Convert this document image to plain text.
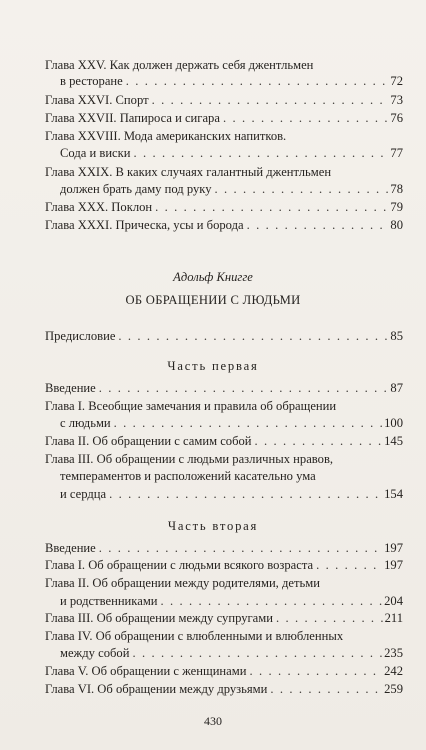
Глава XXV. Как должен держать себя джентльмен
в ресторане . . .	72
Глава XXVI. Спорт . . .	73
Глава XXVII. Папироса и сигара . . .	76
Глава XXVIII. Мода американских напитков.
Сода и виски . . .	77
Глава XXIX. В каких случаях галантный джентльмен
должен брать даму под руку . . .	78
Глава XXX. Поклон . . .	79
Глава XXXI. Прическа, усы и борода . . .	80
Адольф Книгге
ОБ ОБРАЩЕНИИ С ЛЮДЬМИ
Предисловие . . .	85
Часть первая
Введение . . .	87
Глава I. Всеобщие замечания и правила об обращении
с людьми . . .	100
Глава II. Об обращении с самим собой . . .	145
Глава III. Об обращении с людьми различных нравов,
темпераментов и расположений касательно ума
и сердца . . .	154
Часть вторая
Введение . . .	197
Глава I. Об обращении с людьми всякого возраста . . .	197
Глава II. Об обращении между родителями, детьми
и родственниками . . .	204
Глава III. Об обращении между супругами . . .	211
Глава IV. Об обращении с влюбленными и влюбленных
между собой . . .	235
Глава V. Об обращении с женщинами . . .	242
Глава VI. Об обращении между друзьями . . .	259
430
